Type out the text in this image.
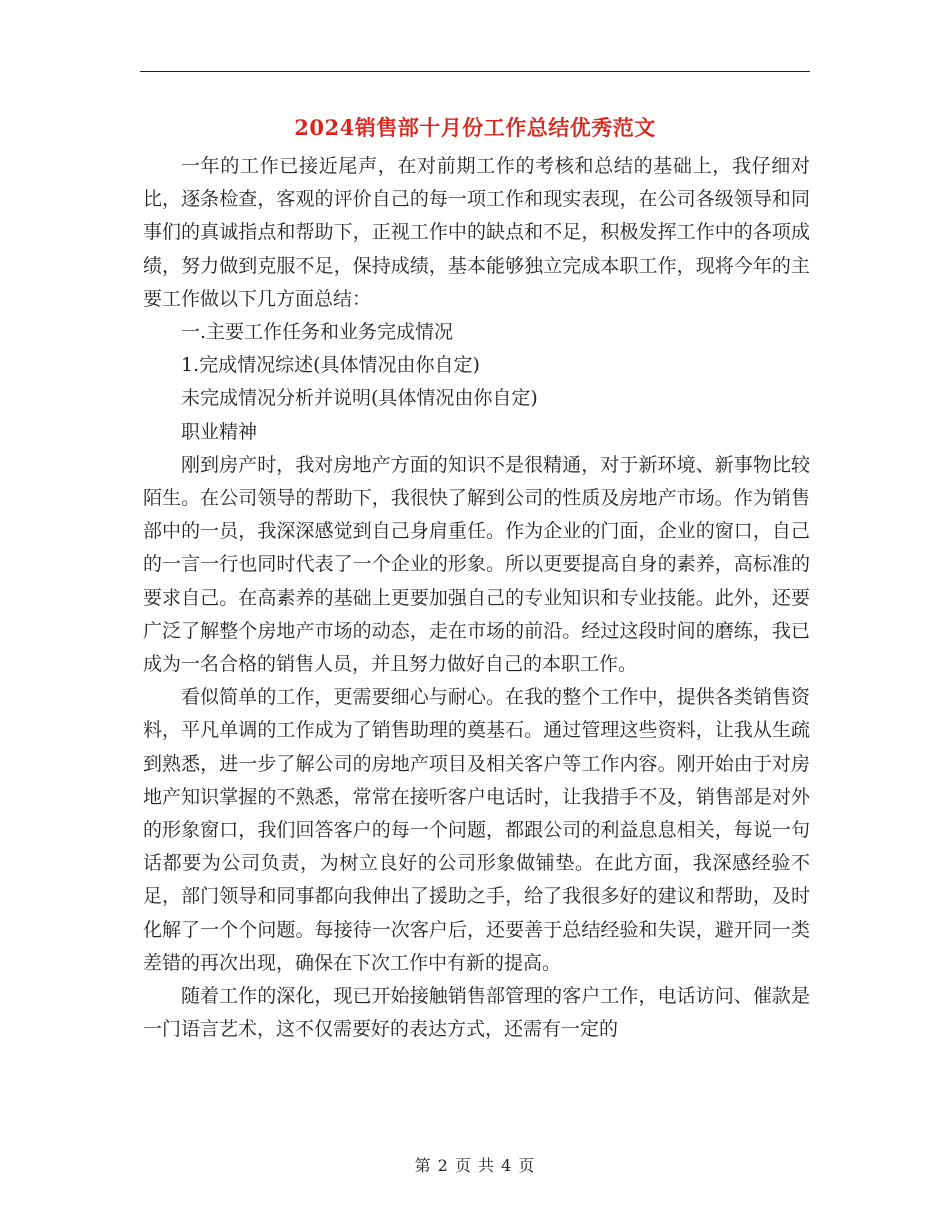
2024销售部十月份工作总结优秀范文

一年的工作已接近尾声，在对前期工作的考核和总结的基础上，我仔细对比，逐条检查，客观的评价自己的每一项工作和现实表现，在公司各级领导和同事们的真诚指点和帮助下，正视工作中的缺点和不足，积极发挥工作中的各项成绩，努力做到克服不足，保持成绩，基本能够独立完成本职工作，现将今年的主要工作做以下几方面总结：

一.主要工作任务和业务完成情况

1.完成情况综述(具体情况由你自定)

未完成情况分析并说明(具体情况由你自定)

职业精神

刚到房产时，我对房地产方面的知识不是很精通，对于新环境、新事物比较陌生。在公司领导的帮助下，我很快了解到公司的性质及房地产市场。作为销售部中的一员，我深深感觉到自己身肩重任。作为企业的门面，企业的窗口，自己的一言一行也同时代表了一个企业的形象。所以更要提高自身的素养，高标准的要求自己。在高素养的基础上更要加强自己的专业知识和专业技能。此外，还要广泛了解整个房地产市场的动态，走在市场的前沿。经过这段时间的磨练，我已成为一名合格的销售人员，并且努力做好自己的本职工作。

看似简单的工作，更需要细心与耐心。在我的整个工作中，提供各类销售资料，平凡单调的工作成为了销售助理的奠基石。通过管理这些资料，让我从生疏到熟悉，进一步了解公司的房地产项目及相关客户等工作内容。刚开始由于对房地产知识掌握的不熟悉，常常在接听客户电话时，让我措手不及，销售部是对外的形象窗口，我们回答客户的每一个问题，都跟公司的利益息息相关，每说一句话都要为公司负责，为树立良好的公司形象做铺垫。在此方面，我深感经验不足，部门领导和同事都向我伸出了援助之手，给了我很多好的建议和帮助，及时化解了一个个问题。每接待一次客户后，还要善于总结经验和失误，避开同一类差错的再次出现，确保在下次工作中有新的提高。

随着工作的深化，现已开始接触销售部管理的客户工作，电话访问、催款是一门语言艺术，这不仅需要好的表达方式，还需有一定的

第 2 页 共 4 页
